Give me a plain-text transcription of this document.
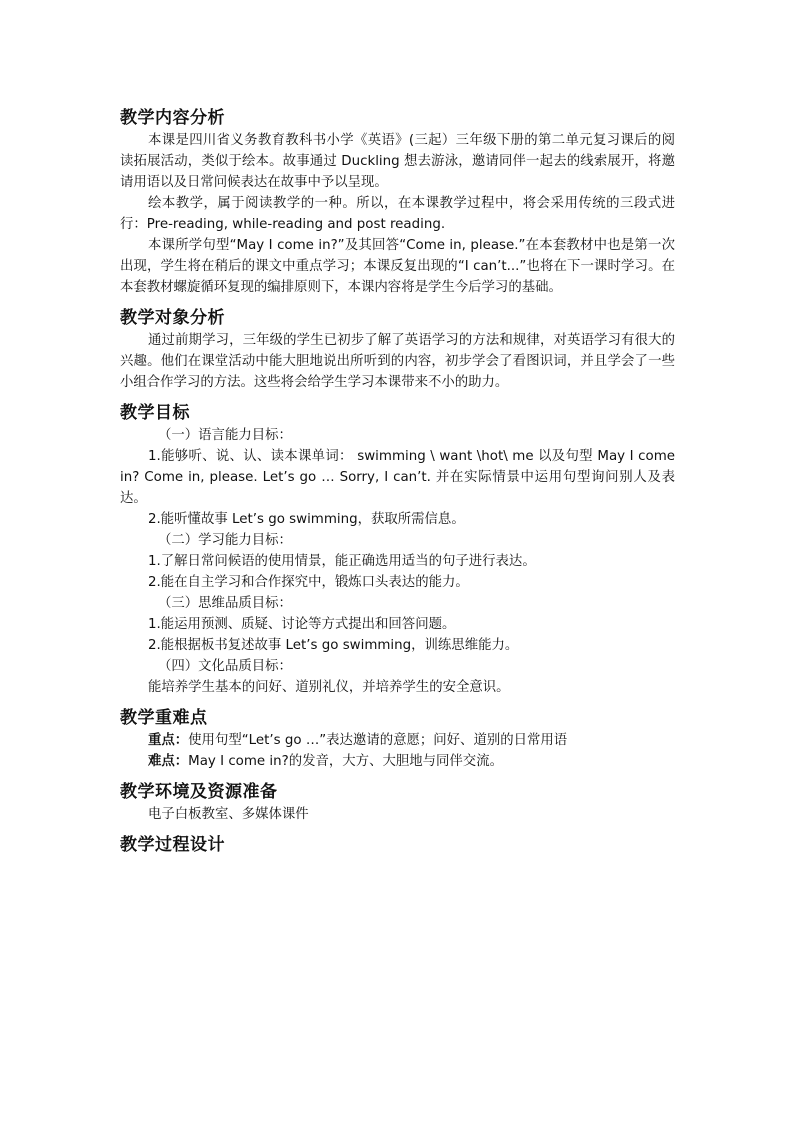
教学内容分析

本课是四川省义务教育教科书小学《英语》(三起）三年级下册的第二单元复习课后的阅读拓展活动，类似于绘本。故事通过 Duckling 想去游泳，邀请同伴一起去的线索展开，将邀请用语以及日常问候表达在故事中予以呈现。

绘本教学，属于阅读教学的一种。所以，在本课教学过程中，将会采用传统的三段式进行：Pre-reading, while-reading and post reading.

本课所学句型“May I come in?”及其回答“Come in, please.”在本套教材中也是第一次出现，学生将在稍后的课文中重点学习；本课反复出现的“I can’t...”也将在下一课时学习。在本套教材螺旋循环复现的编排原则下，本课内容将是学生今后学习的基础。

教学对象分析

通过前期学习，三年级的学生已初步了解了英语学习的方法和规律，对英语学习有很大的兴趣。他们在课堂活动中能大胆地说出所听到的内容，初步学会了看图识词，并且学会了一些小组合作学习的方法。这些将会给学生学习本课带来不小的助力。

教学目标

（一）语言能力目标：

1.能够听、说、认、读本课单词： swimming \ want \hot\ me 以及句型 May I come in? Come in, please. Let’s go … Sorry, I can’t. 并在实际情景中运用句型询问别人及表达。

2.能听懂故事 Let’s go swimming，获取所需信息。

（二）学习能力目标：

1.了解日常问候语的使用情景，能正确选用适当的句子进行表达。

2.能在自主学习和合作探究中，锻炼口头表达的能力。

（三）思维品质目标：

1.能运用预测、质疑、讨论等方式提出和回答问题。

2.能根据板书复述故事 Let’s go swimming，训练思维能力。

（四）文化品质目标：

能培养学生基本的问好、道别礼仪，并培养学生的安全意识。

教学重难点

重点：使用句型“Let’s go …”表达邀请的意愿；问好、道别的日常用语

难点：May I come in?的发音，大方、大胆地与同伴交流。

教学环境及资源准备

电子白板教室、多媒体课件

教学过程设计
